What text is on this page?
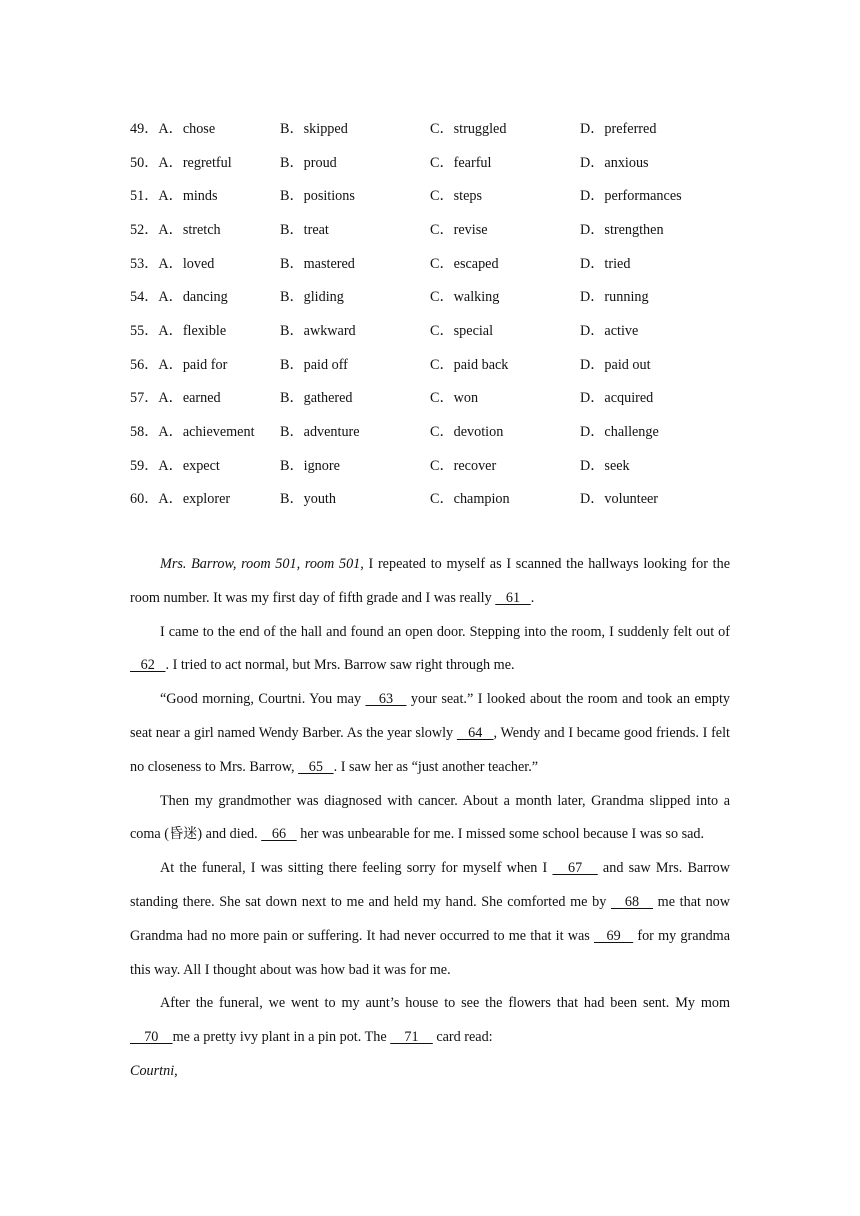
49．A．chose	B．skipped	C．struggled	D．preferred
50．A．regretful	B．proud	C．fearful	D．anxious
51．A．minds	B．positions	C．steps	D．performances
52．A．stretch	B．treat	C．revise	D．strengthen
53．A．loved	B．mastered	C．escaped	D．tried
54．A．dancing	B．gliding	C．walking	D．running
55．A．flexible	B．awkward	C．special	D．active
56．A．paid for	B．paid off	C．paid back	D．paid out
57．A．earned	B．gathered	C．won	D．acquired
58．A．achievement B．adventure	C．devotion	D．challenge
59．A．expect	B．ignore	C．recover	D．seek
60．A．explorer	B．youth	C．champion	D．volunteer

Mrs. Barrow, room 501, room 501, I repeated to myself as I scanned the hallways looking for the room number. It was my first day of fifth grade and I was really    61   .

I came to the end of the hall and found an open door. Stepping into the room, I suddenly felt out of    62   . I tried to act normal, but Mrs. Barrow saw right through me.

“Good morning, Courtni. You may    63    your seat.” I looked about the room and took an empty seat near a girl named Wendy Barber. As the year slowly    64   , Wendy and I became good friends. I felt no closeness to Mrs. Barrow,    65   . I saw her as “just another teacher.”

Then my grandmother was diagnosed with cancer. About a month later, Grandma slipped into a coma (昏迷) and died.    66    her was unbearable for me. I missed some school because I was so sad.

At the funeral, I was sitting there feeling sorry for myself when I    67    and saw Mrs. Barrow standing there. She sat down next to me and held my hand. She comforted me by    68    me that now Grandma had no more pain or suffering. It had never occurred to me that it was    69    for my grandma this way. All I thought about was how bad it was for me.

After the funeral, we went to my aunt’s house to see the flowers that had been sent. My mom     70    me a pretty ivy plant in a pin pot. The     71     card read:

Courtni,
